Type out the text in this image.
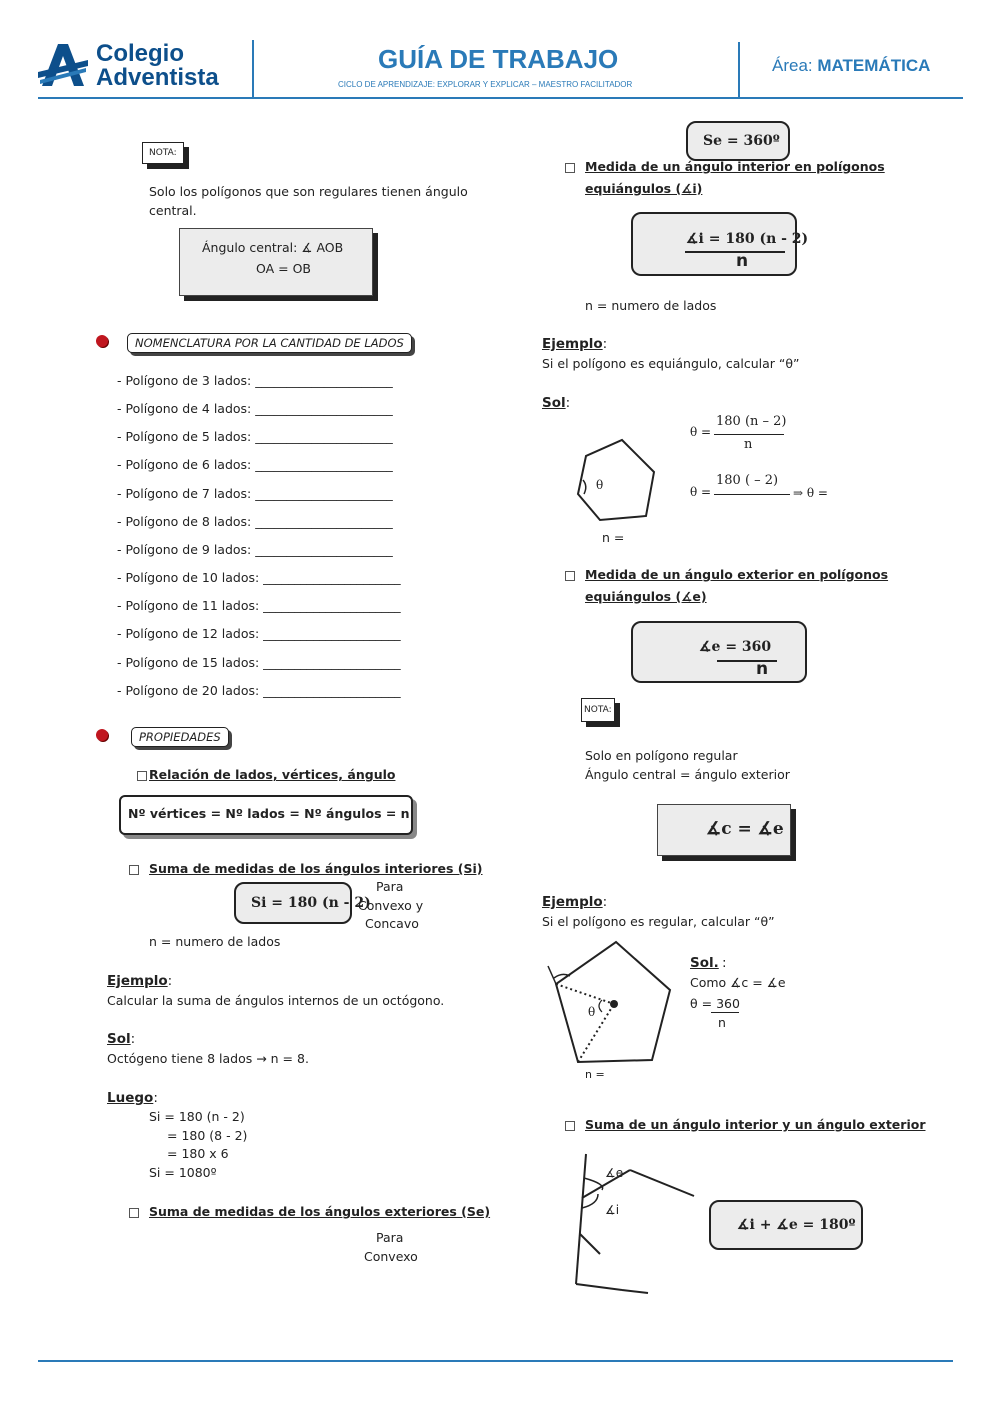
Colegio
Adventista
GUÍA DE TRABAJO
CICLO DE APRENDIZAJE: EXPLORAR Y EXPLICAR – MAESTRO FACILITADOR
Área: MATEMÁTICA
NOTA:
Solo los polígonos que son regulares tienen ángulo
central.
Ángulo central: ∡ AOB
OA = OB
NOMENCLATURA POR LA CANTIDAD DE LADOS
- Polígono de 3 lados: ______________________
- Polígono de 4 lados: ______________________
- Polígono de 5 lados: ______________________
- Polígono de 6 lados: ______________________
- Polígono de 7 lados: ______________________
- Polígono de 8 lados: ______________________
- Polígono de 9 lados: ______________________
- Polígono de 10 lados: ______________________
- Polígono de 11 lados: ______________________
- Polígono de 12 lados: ______________________
- Polígono de 15 lados: ______________________
- Polígono de 20 lados: ______________________
PROPIEDADES
Relación de lados, vértices, ángulo
Nº vértices = Nº lados = Nº ángulos = n
Suma de medidas de los ángulos interiores (Si)
Si = 180 (n - 2)
Para
Convexo y
Concavo
n = numero de lados
Ejemplo:
Calcular la suma de ángulos internos de un octógono.
Sol:
Octógeno tiene 8 lados → n = 8.
Luego:
Si = 180 (n - 2)
= 180 (8 - 2)
= 180 x 6
Si = 1080º
Suma de medidas de los ángulos exteriores (Se)
Para
Convexo
Se = 360º
Medida de un ángulo interior en polígonos
equiángulos (∡i)
∡i = 180 (n - 2)
n
n = numero de lados
Ejemplo:
Si el polígono es equiángulo, calcular “θ”
Sol:
θ
n =
θ =
180 (n – 2)
n
θ =
180 ( – 2)
⇒ θ =
Medida de un ángulo exterior en polígonos
equiángulos (∡e)
∡e = 360
n
NOTA:
Solo en polígono regular
Ángulo central = ángulo exterior
∡c = ∡e
Ejemplo:
Si el polígono es regular, calcular “θ”
θ
n =
Sol. :
Como ∡c = ∡e
θ = 360
n
Suma de un ángulo interior y un ángulo exterior
∡e
∡i
∡i + ∡e = 180º
